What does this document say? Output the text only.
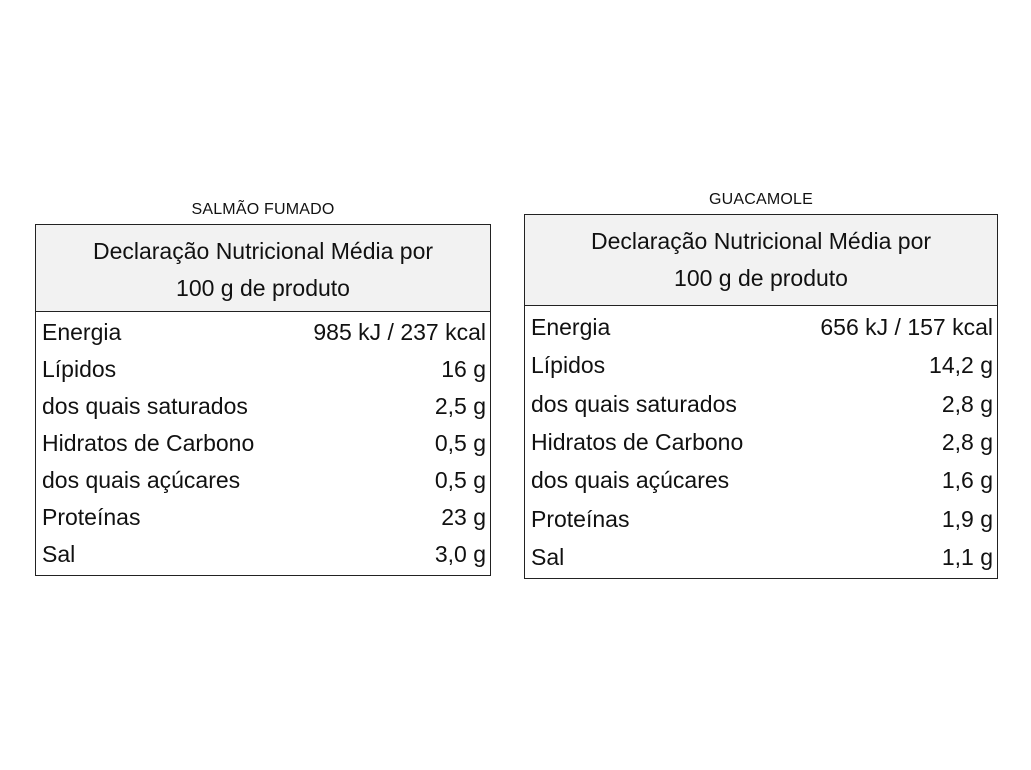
SALMÃO FUMADO
Declaração Nutricional Média por
100 g de produto
Energia	985 kJ / 237 kcal
Lípidos	16 g
dos quais saturados	2,5 g
Hidratos de Carbono	0,5 g
dos quais açúcares	0,5 g
Proteínas	23 g
Sal	3,0 g
GUACAMOLE
Declaração Nutricional Média por
100 g de produto
Energia	656 kJ / 157 kcal
Lípidos	14,2 g
dos quais saturados	2,8 g
Hidratos de Carbono	2,8 g
dos quais açúcares	1,6 g
Proteínas	1,9 g
Sal	1,1 g
